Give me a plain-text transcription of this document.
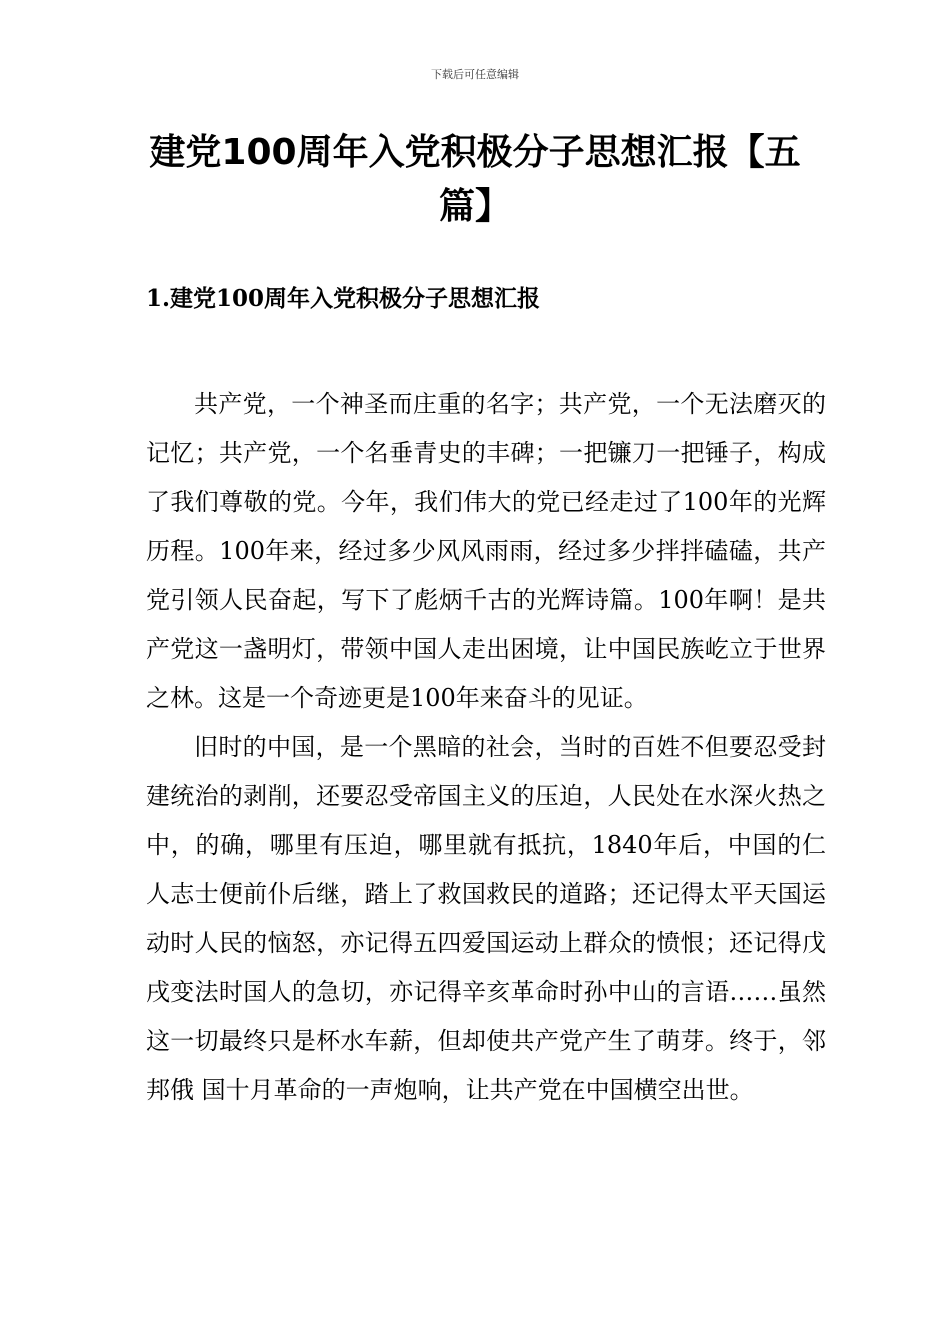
下载后可任意编辑
建党100周年入党积极分子思想汇报【五篇】
1.建党100周年入党积极分子思想汇报

共产党，一个神圣而庄重的名字；共产党，一个无法磨灭的记忆；共产党，一个名垂青史的丰碑；一把镰刀一把锤子，构成了我们尊敬的党。今年，我们伟大的党已经走过了100年的光辉历程。100年来，经过多少风风雨雨，经过多少拌拌磕磕，共产党引领人民奋起，写下了彪炳千古的光辉诗篇。100年啊！是共产党这一盏明灯，带领中国人走出困境，让中国民族屹立于世界之林。这是一个奇迹更是100年来奋斗的见证。

旧时的中国，是一个黑暗的社会，当时的百姓不但要忍受封建统治的剥削，还要忍受帝国主义的压迫，人民处在水深火热之中，的确，哪里有压迫，哪里就有抵抗，1840年后，中国的仁人志士便前仆后继，踏上了救国救民的道路；还记得太平天国运动时人民的恼怒，亦记得五四爱国运动上群众的愤恨；还记得戊戌变法时国人的急切，亦记得辛亥革命时孙中山的言语……虽然这一切最终只是杯水车薪，但却使共产党产生了萌芽。终于，邻邦俄 国十月革命的一声炮响，让共产党在中国横空出世。
